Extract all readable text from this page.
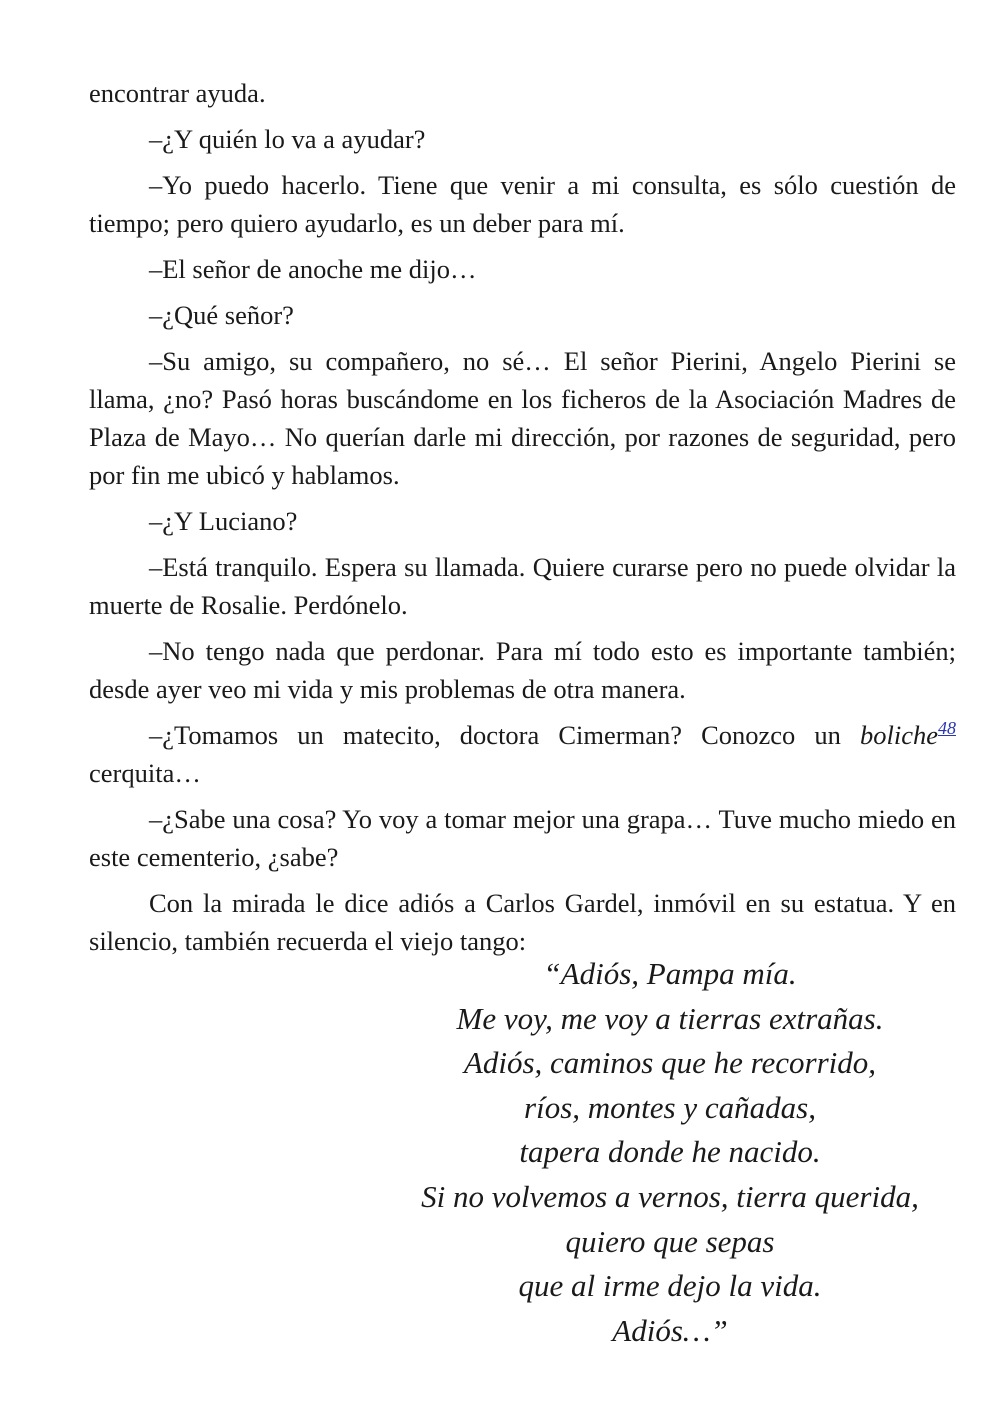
encontrar ayuda.

–¿Y quién lo va a ayudar?

–Yo puedo hacerlo. Tiene que venir a mi consulta, es sólo cuestión de tiempo; pero quiero ayudarlo, es un deber para mí.

–El señor de anoche me dijo…

–¿Qué señor?

–Su amigo, su compañero, no sé… El señor Pierini, Angelo Pierini se llama, ¿no? Pasó horas buscándome en los ficheros de la Asociación Madres de Plaza de Mayo… No querían darle mi dirección, por razones de seguridad, pero por fin me ubicó y hablamos.

–¿Y Luciano?

–Está tranquilo. Espera su llamada. Quiere curarse pero no puede olvidar la muerte de Rosalie. Perdónelo.

–No tengo nada que perdonar. Para mí todo esto es importante también; desde ayer veo mi vida y mis problemas de otra manera.

–¿Tomamos un matecito, doctora Cimerman? Conozco un boliche$^{48}$ cerquita…

–¿Sabe una cosa? Yo voy a tomar mejor una grapa… Tuve mucho miedo en este cementerio, ¿sabe?

Con la mirada le dice adiós a Carlos Gardel, inmóvil en su estatua. Y en silencio, también recuerda el viejo tango:

“Adiós, Pampa mía.
Me voy, me voy a tierras extrañas.
Adiós, caminos que he recorrido,
ríos, montes y cañadas,
tapera donde he nacido.
Si no volvemos a vernos, tierra querida,
quiero que sepas
que al irme dejo la vida.
Adiós…”
